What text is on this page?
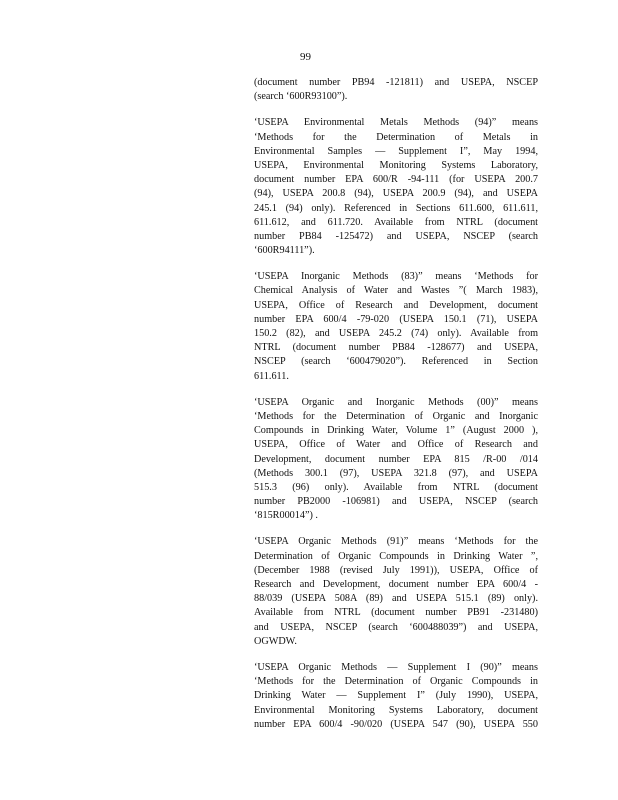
99
(document number PB94 -121811) and USEPA, NSCEP
(search ‘600R93100”).
‘USEPA Environmental Metals Methods (94)” means
‘Methods for the Determination of Metals in
Environmental Samples — Supplement I”, May 1994,
USEPA, Environmental Monitoring Systems Laboratory,
document number EPA 600/R -94-111 (for USEPA 200.7
(94), USEPA 200.8 (94), USEPA 200.9 (94), and USEPA
245.1 (94) only). Referenced in Sections 611.600, 611.611,
611.612, and 611.720. Available from NTRL (document
number PB84 -125472) and USEPA, NSCEP (search
‘600R94111”).
‘USEPA Inorganic Methods (83)” means ‘Methods for
Chemical Analysis of Water and Wastes ”( March 1983),
USEPA, Office of Research and Development, document
number EPA 600/4 -79-020 (USEPA 150.1 (71), USEPA
150.2 (82), and USEPA 245.2 (74) only). Available from
NTRL (document number PB84 -128677) and USEPA,
NSCEP (search ‘600479020”). Referenced in Section
611.611.
‘USEPA Organic and Inorganic Methods (00)” means
‘Methods for the Determination of Organic and Inorganic
Compounds in Drinking Water, Volume 1” (August 2000 ),
USEPA, Office of Water and Office of Research and
Development, document number EPA 815 /R-00 /014
(Methods 300.1 (97), USEPA 321.8 (97), and USEPA
515.3 (96) only). Available from NTRL (document
number PB2000 -106981) and USEPA, NSCEP (search
‘815R00014”) .
‘USEPA Organic Methods (91)” means ‘Methods for the
Determination of Organic Compounds in Drinking Water ”,
(December 1988 (revised July 1991)), USEPA, Office of
Research and Development, document number EPA 600/4 -
88/039 (USEPA 508A (89) and USEPA 515.1 (89) only).
Available from NTRL (document number PB91 -231480)
and USEPA, NSCEP (search ‘600488039”) and USEPA,
OGWDW.
‘USEPA Organic Methods — Supplement I (90)” means
‘Methods for the Determination of Organic Compounds in
Drinking Water — Supplement I” (July 1990), USEPA,
Environmental Monitoring Systems Laboratory, document
number EPA 600/4 -90/020 (USEPA 547 (90), USEPA 550
